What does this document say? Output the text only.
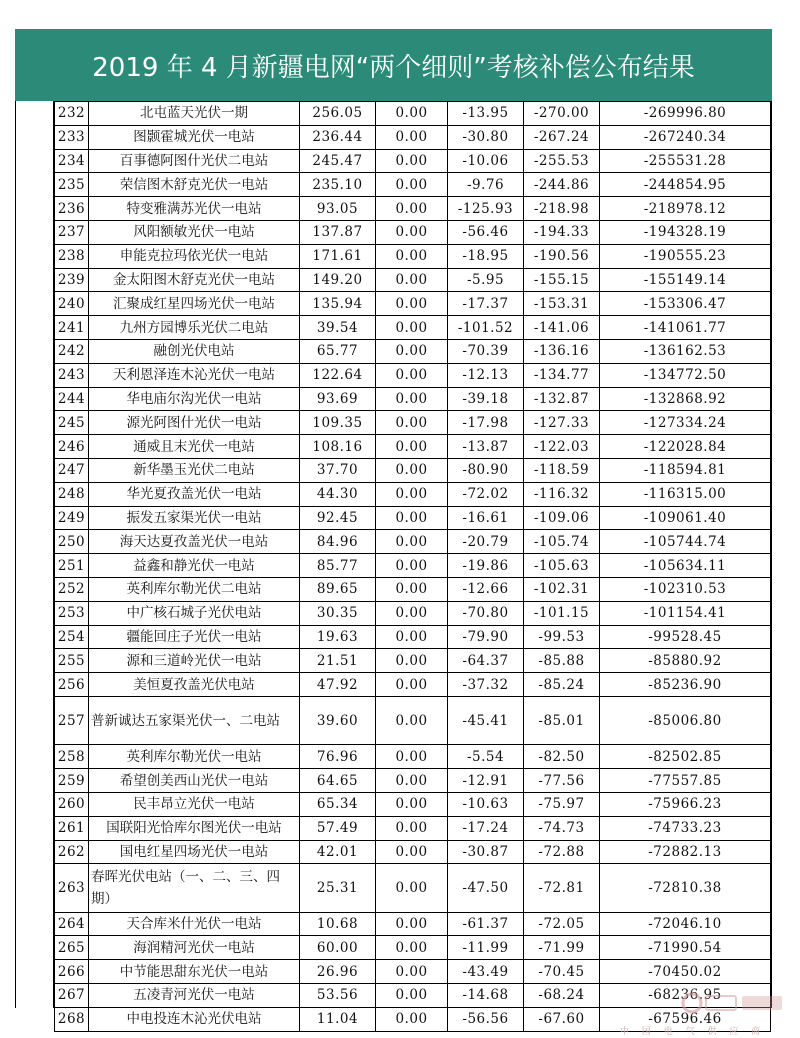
2019 年 4 月新疆电网“两个细则”考核补偿公布结果
232	北屯蓝天光伏一期	256.05	0.00	-13.95	-270.00	-269996.80
233	图颢霍城光伏一电站	236.44	0.00	-30.80	-267.24	-267240.34
234	百事德阿图什光伏二电站	245.47	0.00	-10.06	-255.53	-255531.28
235	荣信图木舒克光伏一电站	235.10	0.00	-9.76	-244.86	-244854.95
236	特变雅满苏光伏一电站	93.05	0.00	-125.93	-218.98	-218978.12
237	风阳额敏光伏一电站	137.87	0.00	-56.46	-194.33	-194328.19
238	申能克拉玛依光伏一电站	171.61	0.00	-18.95	-190.56	-190555.23
239	金太阳图木舒克光伏一电站	149.20	0.00	-5.95	-155.15	-155149.14
240	汇聚成红星四场光伏一电站	135.94	0.00	-17.37	-153.31	-153306.47
241	九州方园博乐光伏二电站	39.54	0.00	-101.52	-141.06	-141061.77
242	融创光伏电站	65.77	0.00	-70.39	-136.16	-136162.53
243	天利恩泽连木沁光伏一电站	122.64	0.00	-12.13	-134.77	-134772.50
244	华电庙尔沟光伏一电站	93.69	0.00	-39.18	-132.87	-132868.92
245	源光阿图什光伏一电站	109.35	0.00	-17.98	-127.33	-127334.24
246	通威且末光伏一电站	108.16	0.00	-13.87	-122.03	-122028.84
247	新华墨玉光伏二电站	37.70	0.00	-80.90	-118.59	-118594.81
248	华光夏孜盖光伏一电站	44.30	0.00	-72.02	-116.32	-116315.00
249	振发五家渠光伏一电站	92.45	0.00	-16.61	-109.06	-109061.40
250	海天达夏孜盖光伏一电站	84.96	0.00	-20.79	-105.74	-105744.74
251	益鑫和静光伏一电站	85.77	0.00	-19.86	-105.63	-105634.11
252	英利库尔勒光伏二电站	89.65	0.00	-12.66	-102.31	-102310.53
253	中广核石城子光伏电站	30.35	0.00	-70.80	-101.15	-101154.41
254	疆能回庄子光伏一电站	19.63	0.00	-79.90	-99.53	-99528.45
255	源和三道岭光伏一电站	21.51	0.00	-64.37	-85.88	-85880.92
256	美恒夏孜盖光伏电站	47.92	0.00	-37.32	-85.24	-85236.90
257	普新诚达五家渠光伏一、二电站	39.60	0.00	-45.41	-85.01	-85006.80
258	英利库尔勒光伏一电站	76.96	0.00	-5.54	-82.50	-82502.85
259	希望创美西山光伏一电站	64.65	0.00	-12.91	-77.56	-77557.85
260	民丰昂立光伏一电站	65.34	0.00	-10.63	-75.97	-75966.23
261	国联阳光恰库尔图光伏一电站	57.49	0.00	-17.24	-74.73	-74733.23
262	国电红星四场光伏一电站	42.01	0.00	-30.87	-72.88	-72882.13
263	春晖光伏电站（一、二、三、四期）	25.31	0.00	-47.50	-72.81	-72810.38
264	天合库米什光伏一电站	10.68	0.00	-61.37	-72.05	-72046.10
265	海润精河光伏一电站	60.00	0.00	-11.99	-71.99	-71990.54
266	中节能思甜东光伏一电站	26.96	0.00	-43.49	-70.45	-70450.02
267	五凌青河光伏一电站	53.56	0.00	-14.68	-68.24	-68236.95
268	中电投连木沁光伏电站	11.04	0.00	-56.56	-67.60	-67596.46
中 国 电 气 供 应 商
